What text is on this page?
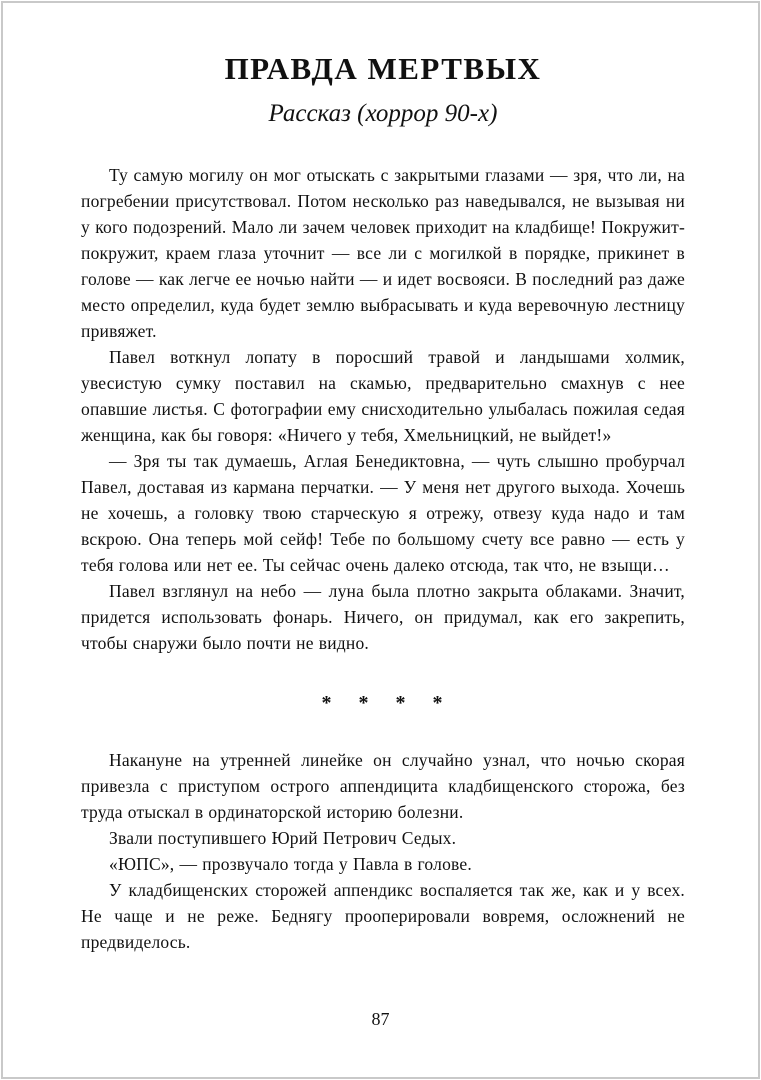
ПРАВДА МЕРТВЫХ
Рассказ (хоррор 90-х)

Ту самую могилу он мог отыскать с закрытыми глазами — зря, что ли, на погребении присутствовал. Потом несколько раз наведывался, не вызывая ни у кого подозрений. Мало ли зачем человек приходит на кладбище! Покружит-покружит, краем глаза уточнит — все ли с могилкой в порядке, прикинет в голове — как легче ее ночью найти — и идет восвояси. В последний раз даже место определил, куда будет землю выбрасывать и куда веревочную лестницу привяжет.

Павел воткнул лопату в поросший травой и ландышами холмик, увесистую сумку поставил на скамью, предварительно смахнув с нее опавшие листья. С фотографии ему снисходительно улыбалась пожилая седая женщина, как бы говоря: «Ничего у тебя, Хмельницкий, не выйдет!»

— Зря ты так думаешь, Аглая Бенедиктовна, — чуть слышно пробурчал Павел, доставая из кармана перчатки. — У меня нет другого выхода. Хочешь не хочешь, а головку твою старческую я отрежу, отвезу куда надо и там вскрою. Она теперь мой сейф! Тебе по большому счету все равно — есть у тебя голова или нет ее. Ты сейчас очень далеко отсюда, так что, не взыщи…

Павел взглянул на небо — луна была плотно закрыта облаками. Значит, придется использовать фонарь. Ничего, он придумал, как его закрепить, чтобы снаружи было почти не видно.

* * * *

Накануне на утренней линейке он случайно узнал, что ночью скорая привезла с приступом острого аппендицита кладбищенского сторожа, без труда отыскал в ординаторской историю болезни.

Звали поступившего Юрий Петрович Седых.

«ЮПС», — прозвучало тогда у Павла в голове.

У кладбищенских сторожей аппендикс воспаляется так же, как и у всех. Не чаще и не реже. Беднягу прооперировали вовремя, осложнений не предвиделось.

87
